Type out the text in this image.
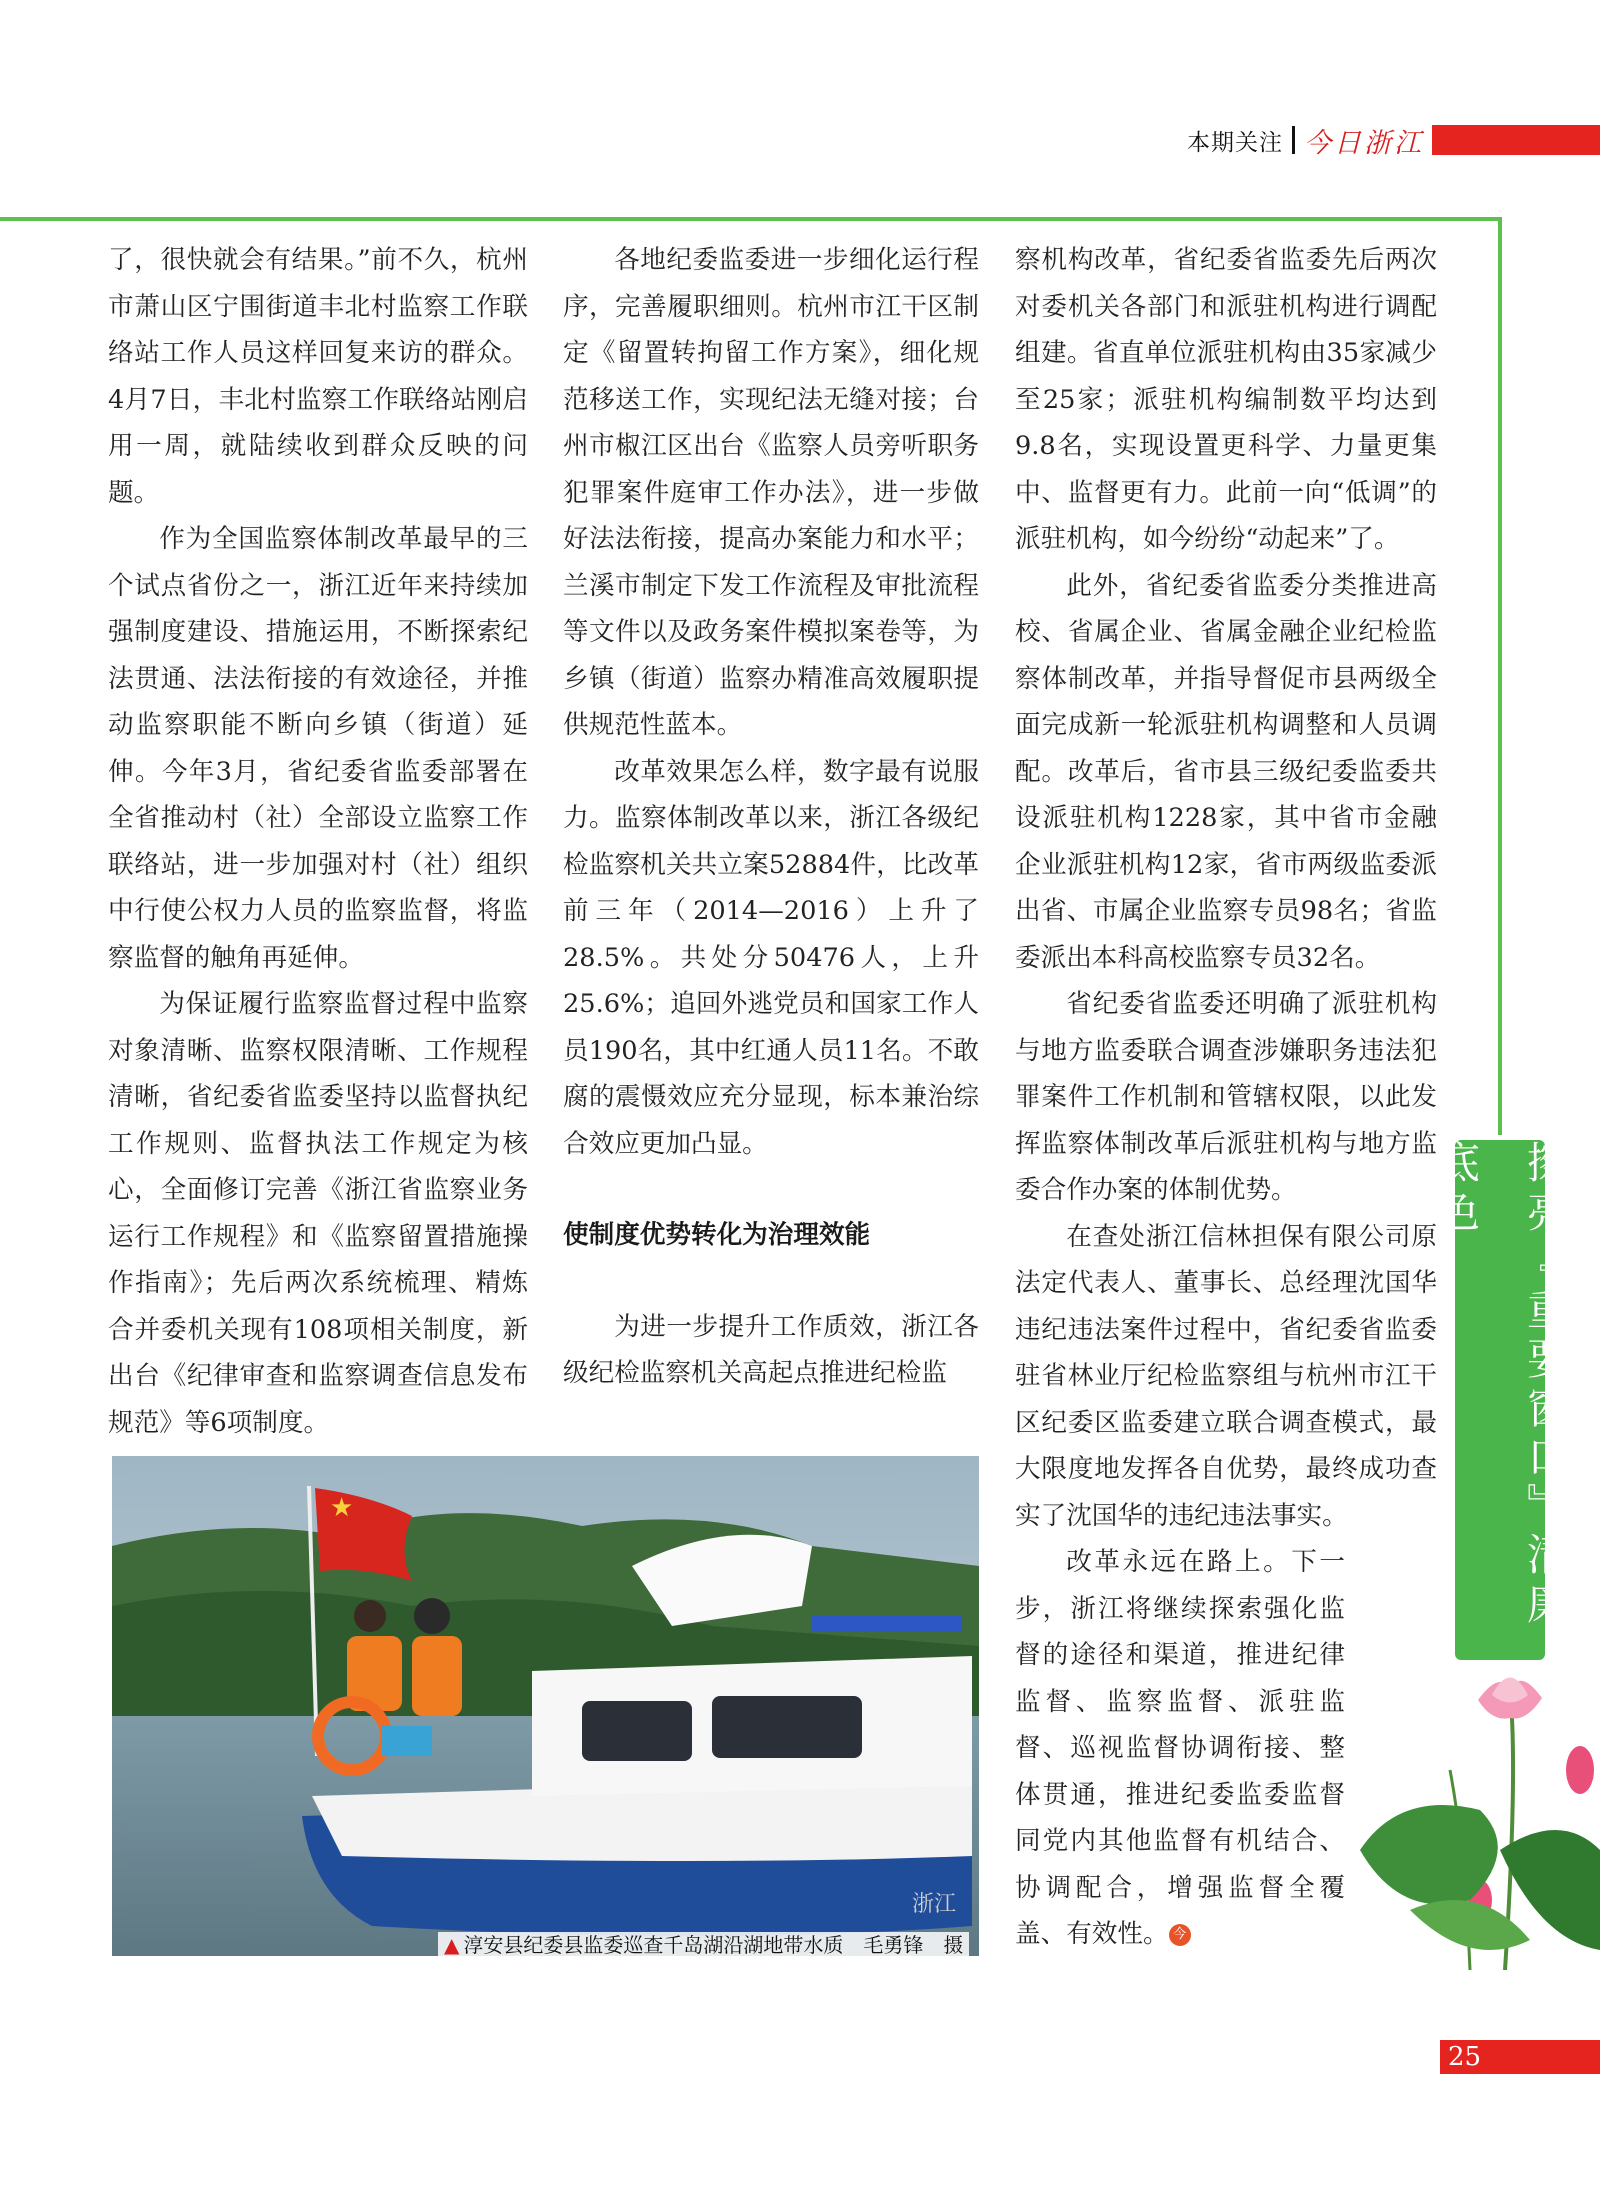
本期关注 今日浙江

了，很快就会有结果。”前不久，杭州市萧山区宁围街道丰北村监察工作联络站工作人员这样回复来访的群众。4月7日，丰北村监察工作联络站刚启用一周，就陆续收到群众反映的问题。

作为全国监察体制改革最早的三个试点省份之一，浙江近年来持续加强制度建设、措施运用，不断探索纪法贯通、法法衔接的有效途径，并推动监察职能不断向乡镇（街道）延伸。今年3月，省纪委省监委部署在全省推动村（社）全部设立监察工作联络站，进一步加强对村（社）组织中行使公权力人员的监察监督，将监察监督的触角再延伸。

为保证履行监察监督过程中监察对象清晰、监察权限清晰、工作规程清晰，省纪委省监委坚持以监督执纪工作规则、监督执法工作规定为核心，全面修订完善《浙江省监察业务运行工作规程》和《监察留置措施操作指南》；先后两次系统梳理、精炼合并委机关现有108项相关制度，新出台《纪律审查和监察调查信息发布规范》等6项制度。

各地纪委监委进一步细化运行程序，完善履职细则。杭州市江干区制定《留置转拘留工作方案》，细化规范移送工作，实现纪法无缝对接；台州市椒江区出台《监察人员旁听职务犯罪案件庭审工作办法》，进一步做好法法衔接，提高办案能力和水平；兰溪市制定下发工作流程及审批流程等文件以及政务案件模拟案卷等，为乡镇（街道）监察办精准高效履职提供规范性蓝本。

改革效果怎么样，数字最有说服力。监察体制改革以来，浙江各级纪检监察机关共立案52884件，比改革前三年（2014—2016）上升了28.5%。共处分50476人，上升25.6%；追回外逃党员和国家工作人员190名，其中红通人员11名。不敢腐的震慑效应充分显现，标本兼治综合效应更加凸显。

使制度优势转化为治理效能

为进一步提升工作质效，浙江各级纪检监察机关高起点推进纪检监

察机构改革，省纪委省监委先后两次对委机关各部门和派驻机构进行调配组建。省直单位派驻机构由35家减少至25家；派驻机构编制数平均达到9.8名，实现设置更科学、力量更集中、监督更有力。此前一向“低调”的派驻机构，如今纷纷“动起来”了。

此外，省纪委省监委分类推进高校、省属企业、省属金融企业纪检监察体制改革，并指导督促市县两级全面完成新一轮派驻机构调整和人员调配。改革后，省市县三级纪委监委共设派驻机构1228家，其中省市金融企业派驻机构12家，省市两级监委派出省、市属企业监察专员98名；省监委派出本科高校监察专员32名。

省纪委省监委还明确了派驻机构与地方监委联合调查涉嫌职务违法犯罪案件工作机制和管辖权限，以此发挥监察体制改革后派驻机构与地方监委合作办案的体制优势。

在查处浙江信林担保有限公司原法定代表人、董事长、总经理沈国华违纪违法案件过程中，省纪委省监委驻省林业厅纪检监察组与杭州市江干区纪委区监委建立联合调查模式，最大限度地发挥各自优势，最终成功查实了沈国华的违纪违法事实。

改革永远在路上。下一步，浙江将继续探索强化监督的途径和渠道，推进纪律监督、监察监督、派驻监督、巡视监督协调衔接、整体贯通，推进纪委监委监督同党内其他监督有机结合、协调配合，增强监督全覆盖、有效性。 今

★
浙江
▲ 淳安县纪委县监委巡查千岛湖沿湖地带水质　毛勇锋　摄
擦亮『重要窗口』清廉底色
25
